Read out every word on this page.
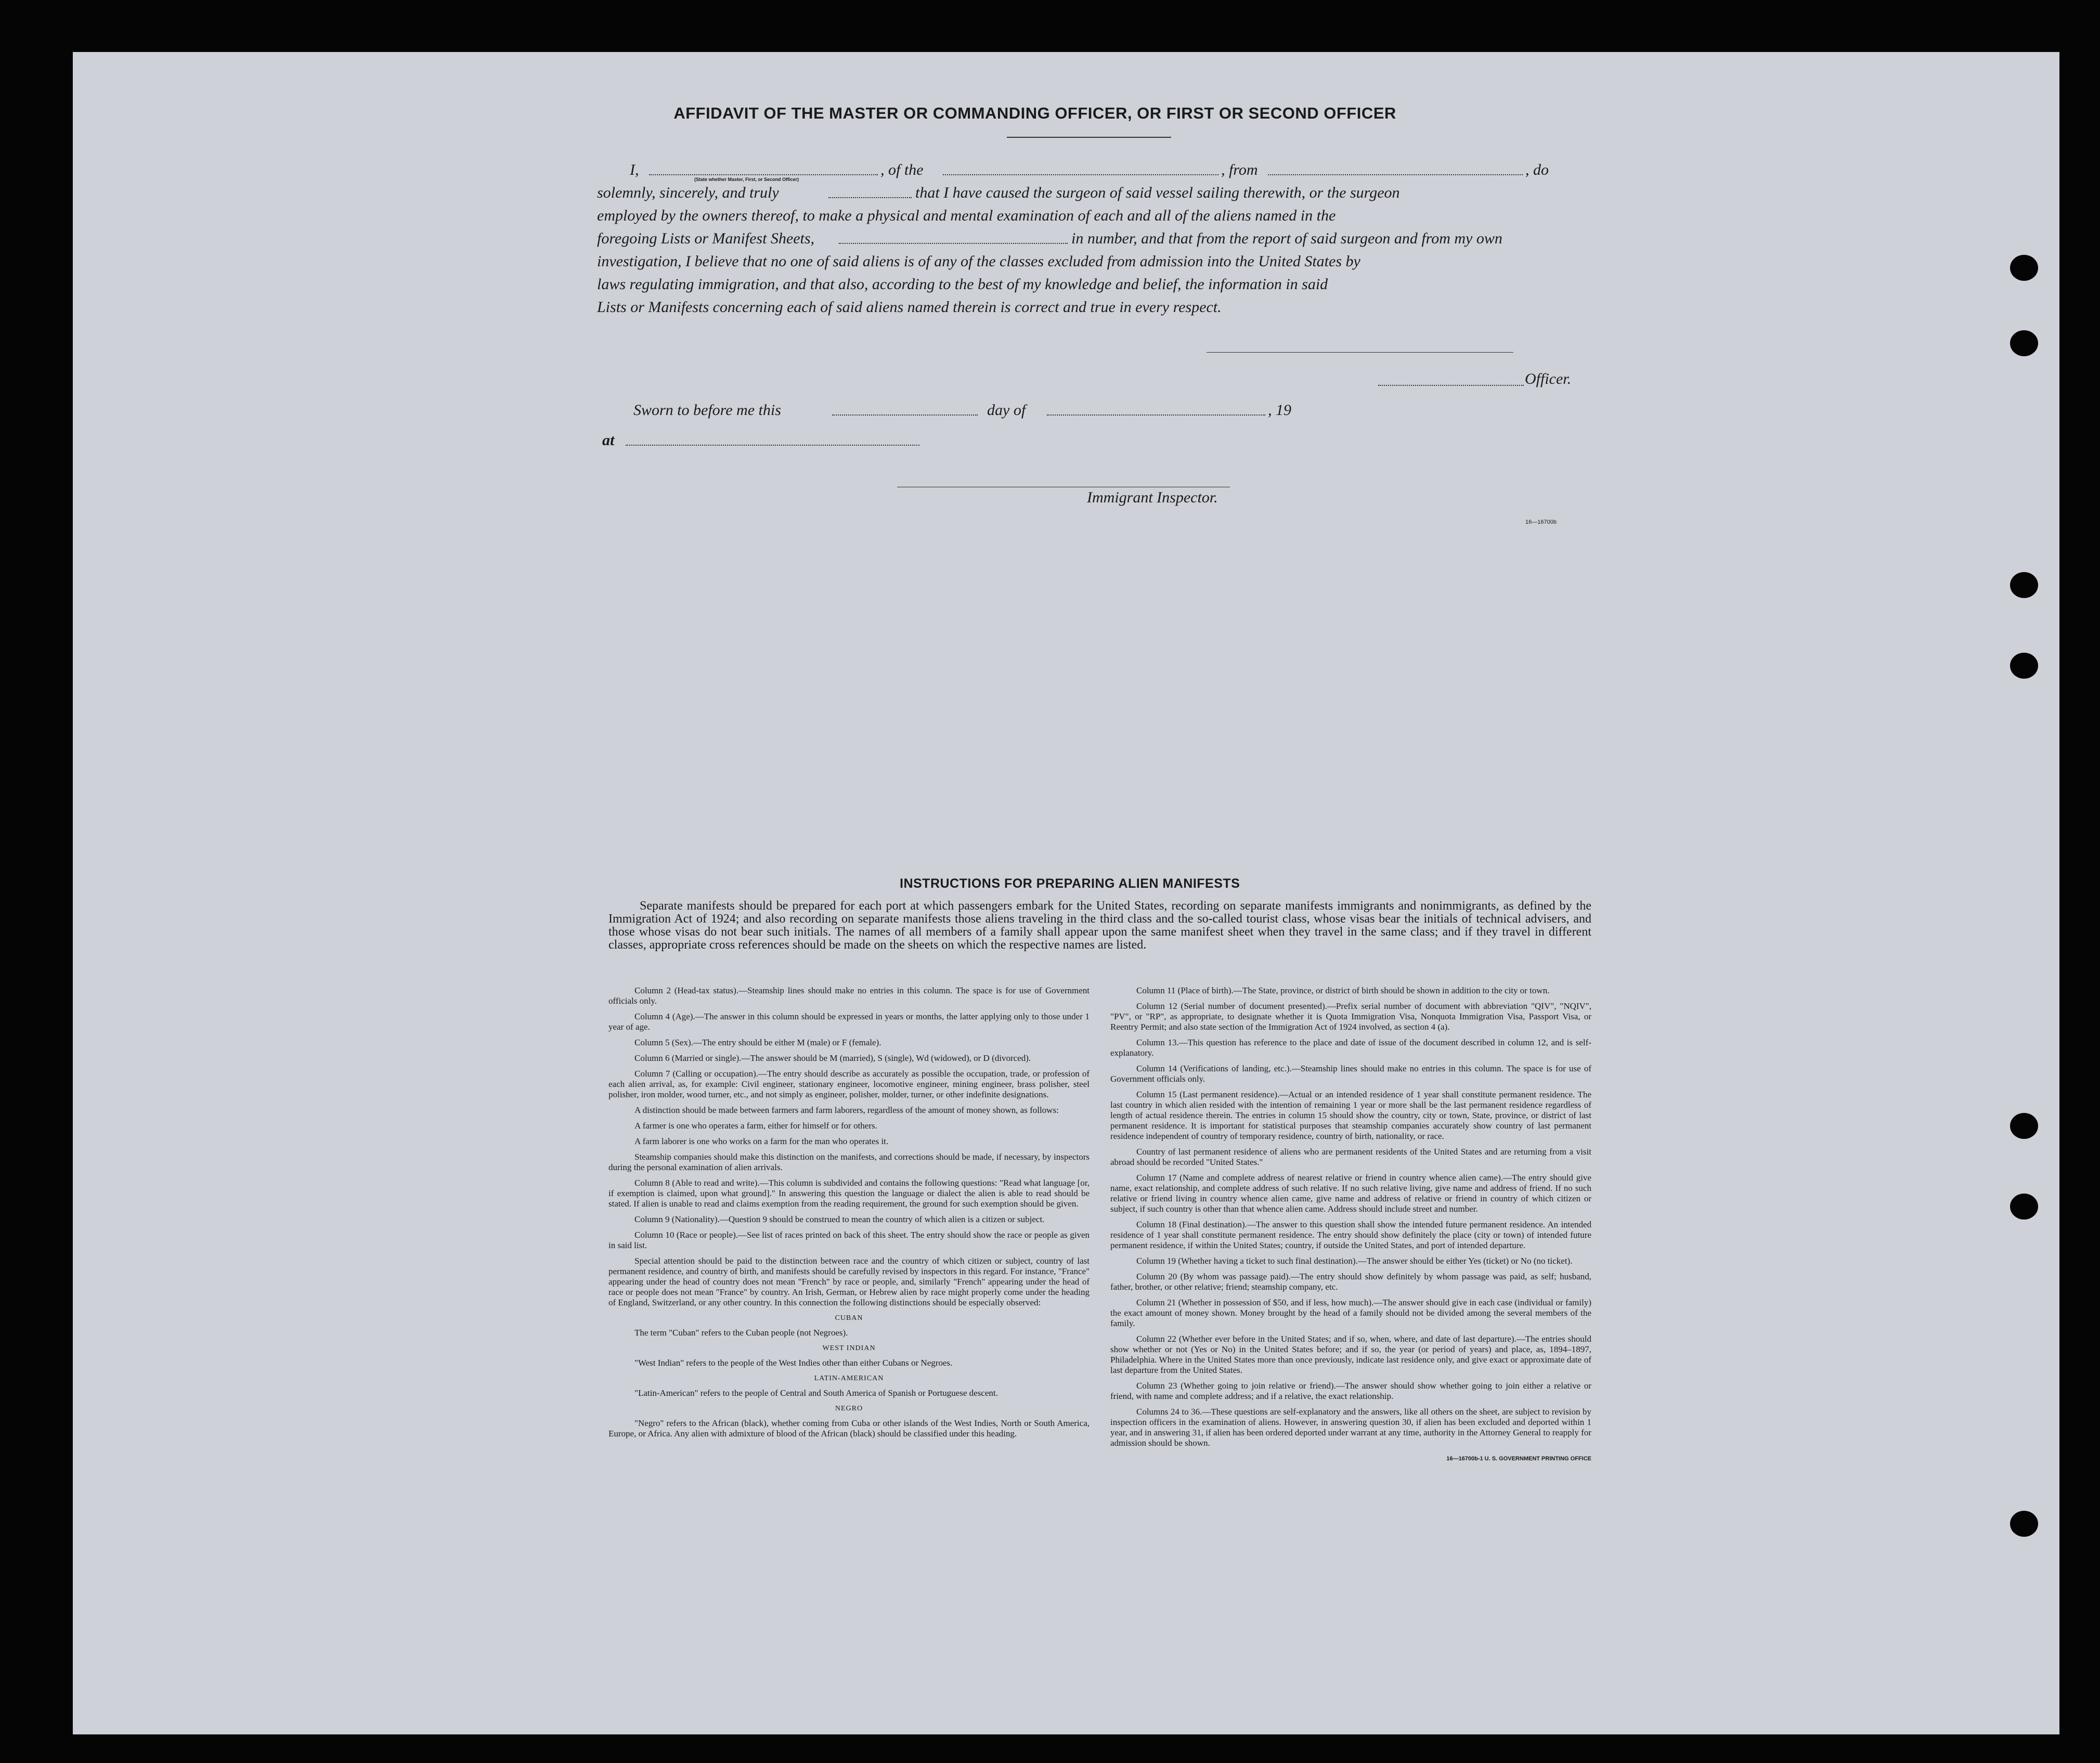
AFFIDAVIT OF THE MASTER OR COMMANDING OFFICER, OR FIRST OR SECOND OFFICER
I,	, of the	, from	, do
(State whether Master, First, or Second Officer)
solemnly, sincerely, and truly	that I have caused the surgeon of said vessel sailing therewith, or the surgeon
employed by the owners thereof, to make a physical and mental examination of each and all of the aliens named in the
foregoing Lists or Manifest Sheets,	in number, and that from the report of said surgeon and from my own
investigation, I believe that no one of said aliens is of any of the classes excluded from admission into the United States by
laws regulating immigration, and that also, according to the best of my knowledge and belief, the information in said
Lists or Manifests concerning each of said aliens named therein is correct and true in every respect.
Officer.
Sworn to before me this	day of	, 19
at
Immigrant Inspector.
16—16700b
INSTRUCTIONS FOR PREPARING ALIEN MANIFESTS

Separate manifests should be prepared for each port at which passengers embark for the United States, recording on separate manifests immigrants and nonimmigrants, as defined by the Immigration Act of 1924; and also recording on separate manifests those aliens traveling in the third class and the so-called tourist class, whose visas bear the initials of technical advisers, and those whose visas do not bear such initials. The names of all members of a family shall appear upon the same manifest sheet when they travel in the same class; and if they travel in different classes, appropriate cross references should be made on the sheets on which the respective names are listed.

Column 2 (Head-tax status).—Steamship lines should make no entries in this column. The space is for use of Government officials only.

Column 4 (Age).—The answer in this column should be expressed in years or months, the latter applying only to those under 1 year of age.

Column 5 (Sex).—The entry should be either M (male) or F (female).

Column 6 (Married or single).—The answer should be M (married), S (single), Wd (widowed), or D (divorced).

Column 7 (Calling or occupation).—The entry should describe as accurately as possible the occupation, trade, or profession of each alien arrival, as, for example: Civil engineer, stationary engineer, locomotive engineer, mining engineer, brass polisher, steel polisher, iron molder, wood turner, etc., and not simply as engineer, polisher, molder, turner, or other indefinite designations.

A distinction should be made between farmers and farm laborers, regardless of the amount of money shown, as follows:

A farmer is one who operates a farm, either for himself or for others.

A farm laborer is one who works on a farm for the man who operates it.

Steamship companies should make this distinction on the manifests, and corrections should be made, if necessary, by inspectors during the personal examination of alien arrivals.

Column 8 (Able to read and write).—This column is subdivided and contains the following questions: "Read what language [or, if exemption is claimed, upon what ground]." In answering this question the language or dialect the alien is able to read should be stated. If alien is unable to read and claims exemption from the reading requirement, the ground for such exemption should be given.

Column 9 (Nationality).—Question 9 should be construed to mean the country of which alien is a citizen or subject.

Column 10 (Race or people).—See list of races printed on back of this sheet. The entry should show the race or people as given in said list.

Special attention should be paid to the distinction between race and the country of which citizen or subject, country of last permanent residence, and country of birth, and manifests should be carefully revised by inspectors in this regard. For instance, "France" appearing under the head of country does not mean "French" by race or people, and, similarly "French" appearing under the head of race or people does not mean "France" by country. An Irish, German, or Hebrew alien by race might properly come under the heading of England, Switzerland, or any other country. In this connection the following distinctions should be especially observed:

CUBAN

The term "Cuban" refers to the Cuban people (not Negroes).

WEST INDIAN

"West Indian" refers to the people of the West Indies other than either Cubans or Negroes.

LATIN-AMERICAN

"Latin-American" refers to the people of Central and South America of Spanish or Portuguese descent.

NEGRO

"Negro" refers to the African (black), whether coming from Cuba or other islands of the West Indies, North or South America, Europe, or Africa. Any alien with admixture of blood of the African (black) should be classified under this heading.

Column 11 (Place of birth).—The State, province, or district of birth should be shown in addition to the city or town.

Column 12 (Serial number of document presented).—Prefix serial number of document with abbreviation "QIV", "NQIV", "PV", or "RP", as appropriate, to designate whether it is Quota Immigration Visa, Nonquota Immigration Visa, Passport Visa, or Reentry Permit; and also state section of the Immigration Act of 1924 involved, as section 4 (a).

Column 13.—This question has reference to the place and date of issue of the document described in column 12, and is self-explanatory.

Column 14 (Verifications of landing, etc.).—Steamship lines should make no entries in this column. The space is for use of Government officials only.

Column 15 (Last permanent residence).—Actual or an intended residence of 1 year shall constitute permanent residence. The last country in which alien resided with the intention of remaining 1 year or more shall be the last permanent residence regardless of length of actual residence therein. The entries in column 15 should show the country, city or town, State, province, or district of last permanent residence. It is important for statistical purposes that steamship companies accurately show country of last permanent residence independent of country of temporary residence, country of birth, nationality, or race.

Country of last permanent residence of aliens who are permanent residents of the United States and are returning from a visit abroad should be recorded "United States."

Column 17 (Name and complete address of nearest relative or friend in country whence alien came).—The entry should give name, exact relationship, and complete address of such relative. If no such relative living, give name and address of friend. If no such relative or friend living in country whence alien came, give name and address of relative or friend in country of which citizen or subject, if such country is other than that whence alien came. Address should include street and number.

Column 18 (Final destination).—The answer to this question shall show the intended future permanent residence. An intended residence of 1 year shall constitute permanent residence. The entry should show definitely the place (city or town) of intended future permanent residence, if within the United States; country, if outside the United States, and port of intended departure.

Column 19 (Whether having a ticket to such final destination).—The answer should be either Yes (ticket) or No (no ticket).

Column 20 (By whom was passage paid).—The entry should show definitely by whom passage was paid, as self; husband, father, brother, or other relative; friend; steamship company, etc.

Column 21 (Whether in possession of $50, and if less, how much).—The answer should give in each case (individual or family) the exact amount of money shown. Money brought by the head of a family should not be divided among the several members of the family.

Column 22 (Whether ever before in the United States; and if so, when, where, and date of last departure).—The entries should show whether or not (Yes or No) in the United States before; and if so, the year (or period of years) and place, as, 1894–1897, Philadelphia. Where in the United States more than once previously, indicate last residence only, and give exact or approximate date of last departure from the United States.

Column 23 (Whether going to join relative or friend).—The answer should show whether going to join either a relative or friend, with name and complete address; and if a relative, the exact relationship.

Columns 24 to 36.—These questions are self-explanatory and the answers, like all others on the sheet, are subject to revision by inspection officers in the examination of aliens. However, in answering question 30, if alien has been excluded and deported within 1 year, and in answering 31, if alien has been ordered deported under warrant at any time, authority in the Attorney General to reapply for admission should be shown.

16—16700b-1 U. S. GOVERNMENT PRINTING OFFICE
